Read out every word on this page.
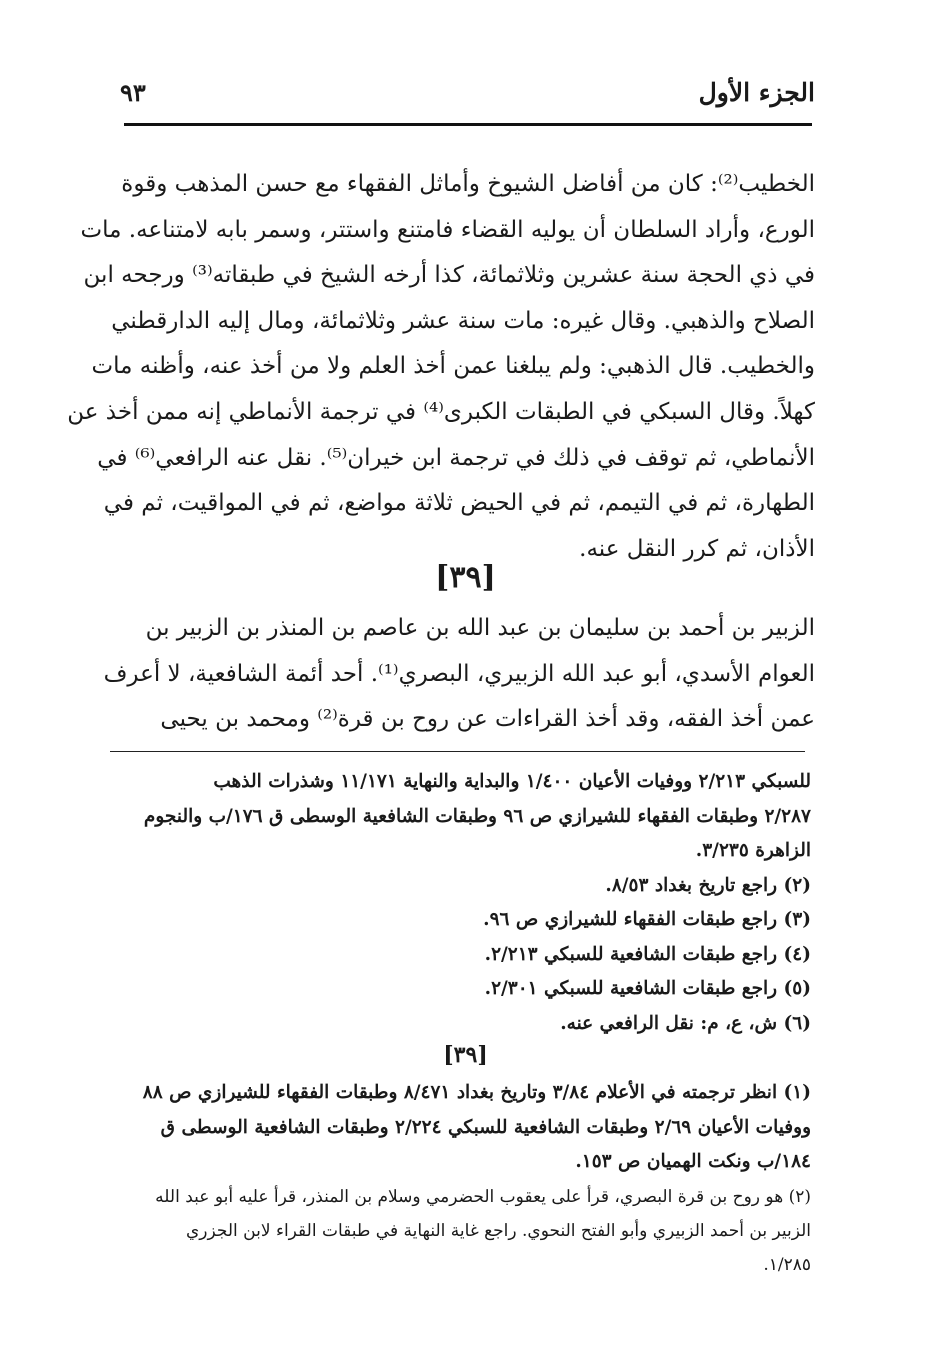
الجزء الأول
٩٣
الخطيب⁽²⁾: كان من أفاضل الشيوخ وأماثل الفقهاء مع حسن المذهب وقوة
الورع، وأراد السلطان أن يوليه القضاء فامتنع واستتر، وسمر بابه لامتناعه. مات
في ذي الحجة سنة عشرين وثلاثمائة، كذا أرخه الشيخ في طبقاته⁽³⁾ ورجحه ابن
الصلاح والذهبي. وقال غيره: مات سنة عشر وثلاثمائة، ومال إليه الدارقطني
والخطيب. قال الذهبي: ولم يبلغنا عمن أخذ العلم ولا من أخذ عنه، وأظنه مات
كهلاً. وقال السبكي في الطبقات الكبرى⁽⁴⁾ في ترجمة الأنماطي إنه ممن أخذ عن
الأنماطي، ثم توقف في ذلك في ترجمة ابن خيران⁽⁵⁾. نقل عنه الرافعي⁽⁶⁾ في
الطهارة، ثم في التيمم، ثم في الحيض ثلاثة مواضع، ثم في المواقيت، ثم في
الأذان، ثم كرر النقل عنه.
[٣٩]
الزبير بن أحمد بن سليمان بن عبد الله بن عاصم بن المنذر بن الزبير بن
العوام الأسدي، أبو عبد الله الزبيري، البصري⁽¹⁾. أحد أئمة الشافعية، لا أعرف
عمن أخذ الفقه، وقد أخذ القراءات عن روح بن قرة⁽²⁾ ومحمد بن يحيى
للسبكي ٢/٢١٣ ووفيات الأعيان ١/٤٠٠ والبداية والنهاية ١١/١٧١ وشذرات الذهب
٢/٢٨٧ وطبقات الفقهاء للشيرازي ص ٩٦ وطبقات الشافعية الوسطى ق ١٧٦/ب والنجوم
الزاهرة ٣/٢٣٥.
(٢) راجع تاريخ بغداد ٨/٥٣.
(٣) راجع طبقات الفقهاء للشيرازي ص ٩٦.
(٤) راجع طبقات الشافعية للسبكي ٢/٢١٣.
(٥) راجع طبقات الشافعية للسبكي ٢/٣٠١.
(٦) ش، ع، م: نقل الرافعي عنه.
[٣٩]
(١) انظر ترجمته في الأعلام ٣/٨٤ وتاريخ بغداد ٨/٤٧١ وطبقات الفقهاء للشيرازي ص ٨٨
ووفيات الأعيان ٢/٦٩ وطبقات الشافعية للسبكي ٢/٢٢٤ وطبقات الشافعية الوسطى ق
١٨٤/ب ونكت الهميان ص ١٥٣.
(٢) هو روح بن قرة البصري، قرأ على يعقوب الحضرمي وسلام بن المنذر، قرأ عليه أبو عبد الله
الزبير بن أحمد الزبيري وأبو الفتح النحوي. راجع غاية النهاية في طبقات القراء لابن الجزري
١/٢٨٥.
